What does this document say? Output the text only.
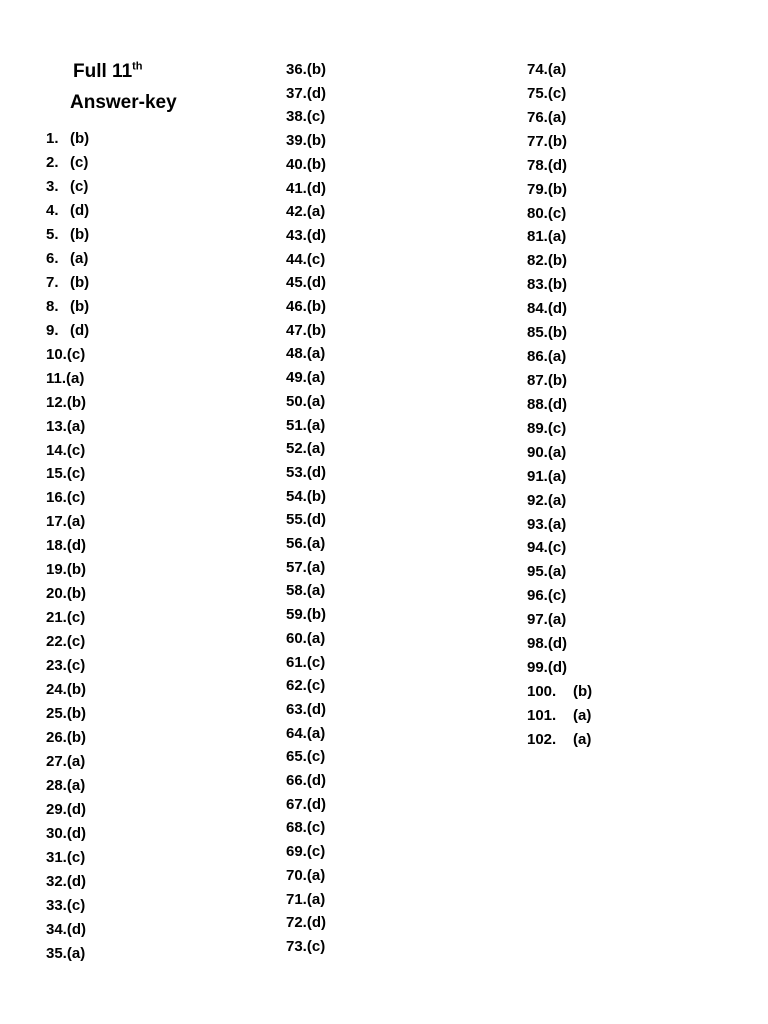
Full 11th
Answer-key
1. (b)
2. (c)
3. (c)
4. (d)
5. (b)
6. (a)
7. (b)
8. (b)
9. (d)
10.(c)
11.(a)
12.(b)
13.(a)
14.(c)
15.(c)
16.(c)
17.(a)
18.(d)
19.(b)
20.(b)
21.(c)
22.(c)
23.(c)
24.(b)
25.(b)
26.(b)
27.(a)
28.(a)
29.(d)
30.(d)
31.(c)
32.(d)
33.(c)
34.(d)
35.(a)
36.(b)
37.(d)
38.(c)
39.(b)
40.(b)
41.(d)
42.(a)
43.(d)
44.(c)
45.(d)
46.(b)
47.(b)
48.(a)
49.(a)
50.(a)
51.(a)
52.(a)
53.(d)
54.(b)
55.(d)
56.(a)
57.(a)
58.(a)
59.(b)
60.(a)
61.(c)
62.(c)
63.(d)
64.(a)
65.(c)
66.(d)
67.(d)
68.(c)
69.(c)
70.(a)
71.(a)
72.(d)
73.(c)
74.(a)
75.(c)
76.(a)
77.(b)
78.(d)
79.(b)
80.(c)
81.(a)
82.(b)
83.(b)
84.(d)
85.(b)
86.(a)
87.(b)
88.(d)
89.(c)
90.(a)
91.(a)
92.(a)
93.(a)
94.(c)
95.(a)
96.(c)
97.(a)
98.(d)
99.(d)
100. (b)
101. (a)
102. (a)
